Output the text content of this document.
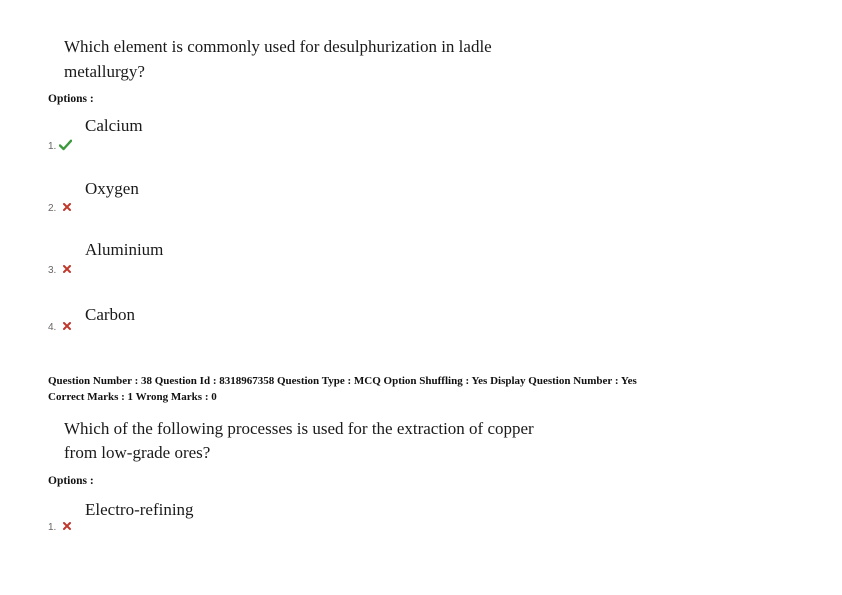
Which element is commonly used for desulphurization in ladle
metallurgy?
Options :
Calcium
1.
Oxygen
2.
Aluminium
3.
Carbon
4.
Question Number : 38 Question Id : 8318967358 Question Type : MCQ Option Shuffling : Yes Display Question Number : Yes
Correct Marks : 1 Wrong Marks : 0
Which of the following processes is used for the extraction of copper
from low-grade ores?
Options :
Electro-refining
1.
